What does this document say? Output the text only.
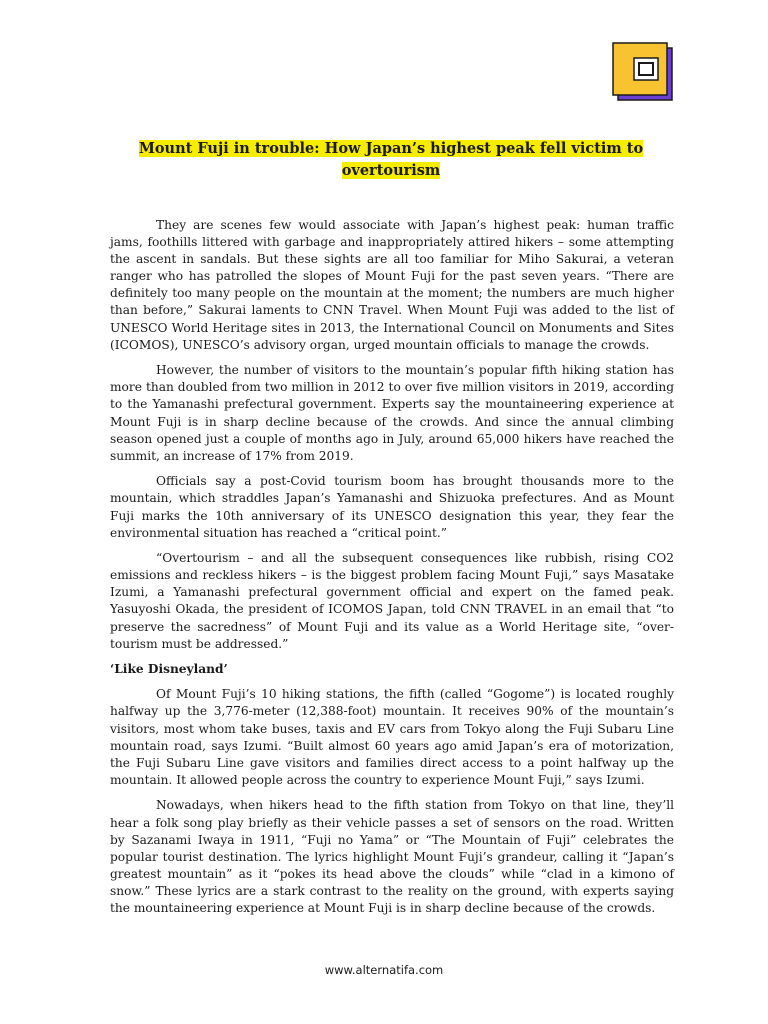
Mount Fuji in trouble: How Japan’s highest peak fell victim to overtourism

They are scenes few would associate with Japan’s highest peak: human traffic jams, foothills littered with garbage and inappropriately attired hikers – some attempting the ascent in sandals. But these sights are all too familiar for Miho Sakurai, a veteran ranger who has patrolled the slopes of Mount Fuji for the past seven years. “There are definitely too many people on the mountain at the moment; the numbers are much higher than before,” Sakurai laments to CNN Travel. When Mount Fuji was added to the list of UNESCO World Heritage sites in 2013, the International Council on Monuments and Sites (ICOMOS), UNESCO’s advisory organ, urged mountain officials to manage the crowds.

However, the number of visitors to the mountain’s popular fifth hiking station has more than doubled from two million in 2012 to over five million visitors in 2019, according to the Yamanashi prefectural government. Experts say the mountaineering experience at Mount Fuji is in sharp decline because of the crowds. And since the annual climbing season opened just a couple of months ago in July, around 65,000 hikers have reached the summit, an increase of 17% from 2019.

Officials say a post-Covid tourism boom has brought thousands more to the mountain, which straddles Japan’s Yamanashi and Shizuoka prefectures. And as Mount Fuji marks the 10th anniversary of its UNESCO designation this year, they fear the environmental situation has reached a “critical point.”

“Overtourism – and all the subsequent consequences like rubbish, rising CO2 emissions and reckless hikers – is the biggest problem facing Mount Fuji,” says Masatake Izumi, a Yamanashi prefectural government official and expert on the famed peak. Yasuyoshi Okada, the president of ICOMOS Japan, told CNN TRAVEL in an email that “to preserve the sacredness” of Mount Fuji and its value as a World Heritage site, “over-tourism must be addressed.”

‘Like Disneyland’

Of Mount Fuji’s 10 hiking stations, the fifth (called “Gogome”) is located roughly halfway up the 3,776-meter (12,388-foot) mountain. It receives 90% of the mountain’s visitors, most whom take buses, taxis and EV cars from Tokyo along the Fuji Subaru Line mountain road, says Izumi. “Built almost 60 years ago amid Japan’s era of motorization, the Fuji Subaru Line gave visitors and families direct access to a point halfway up the mountain. It allowed people across the country to experience Mount Fuji,” says Izumi.

Nowadays, when hikers head to the fifth station from Tokyo on that line, they’ll hear a folk song play briefly as their vehicle passes a set of sensors on the road. Written by Sazanami Iwaya in 1911, “Fuji no Yama” or “The Mountain of Fuji” celebrates the popular tourist destination. The lyrics highlight Mount Fuji’s grandeur, calling it “Japan’s greatest mountain” as it “pokes its head above the clouds” while “clad in a kimono of snow.” These lyrics are a stark contrast to the reality on the ground, with experts saying the mountaineering experience at Mount Fuji is in sharp decline because of the crowds.

www.alternatifa.com
